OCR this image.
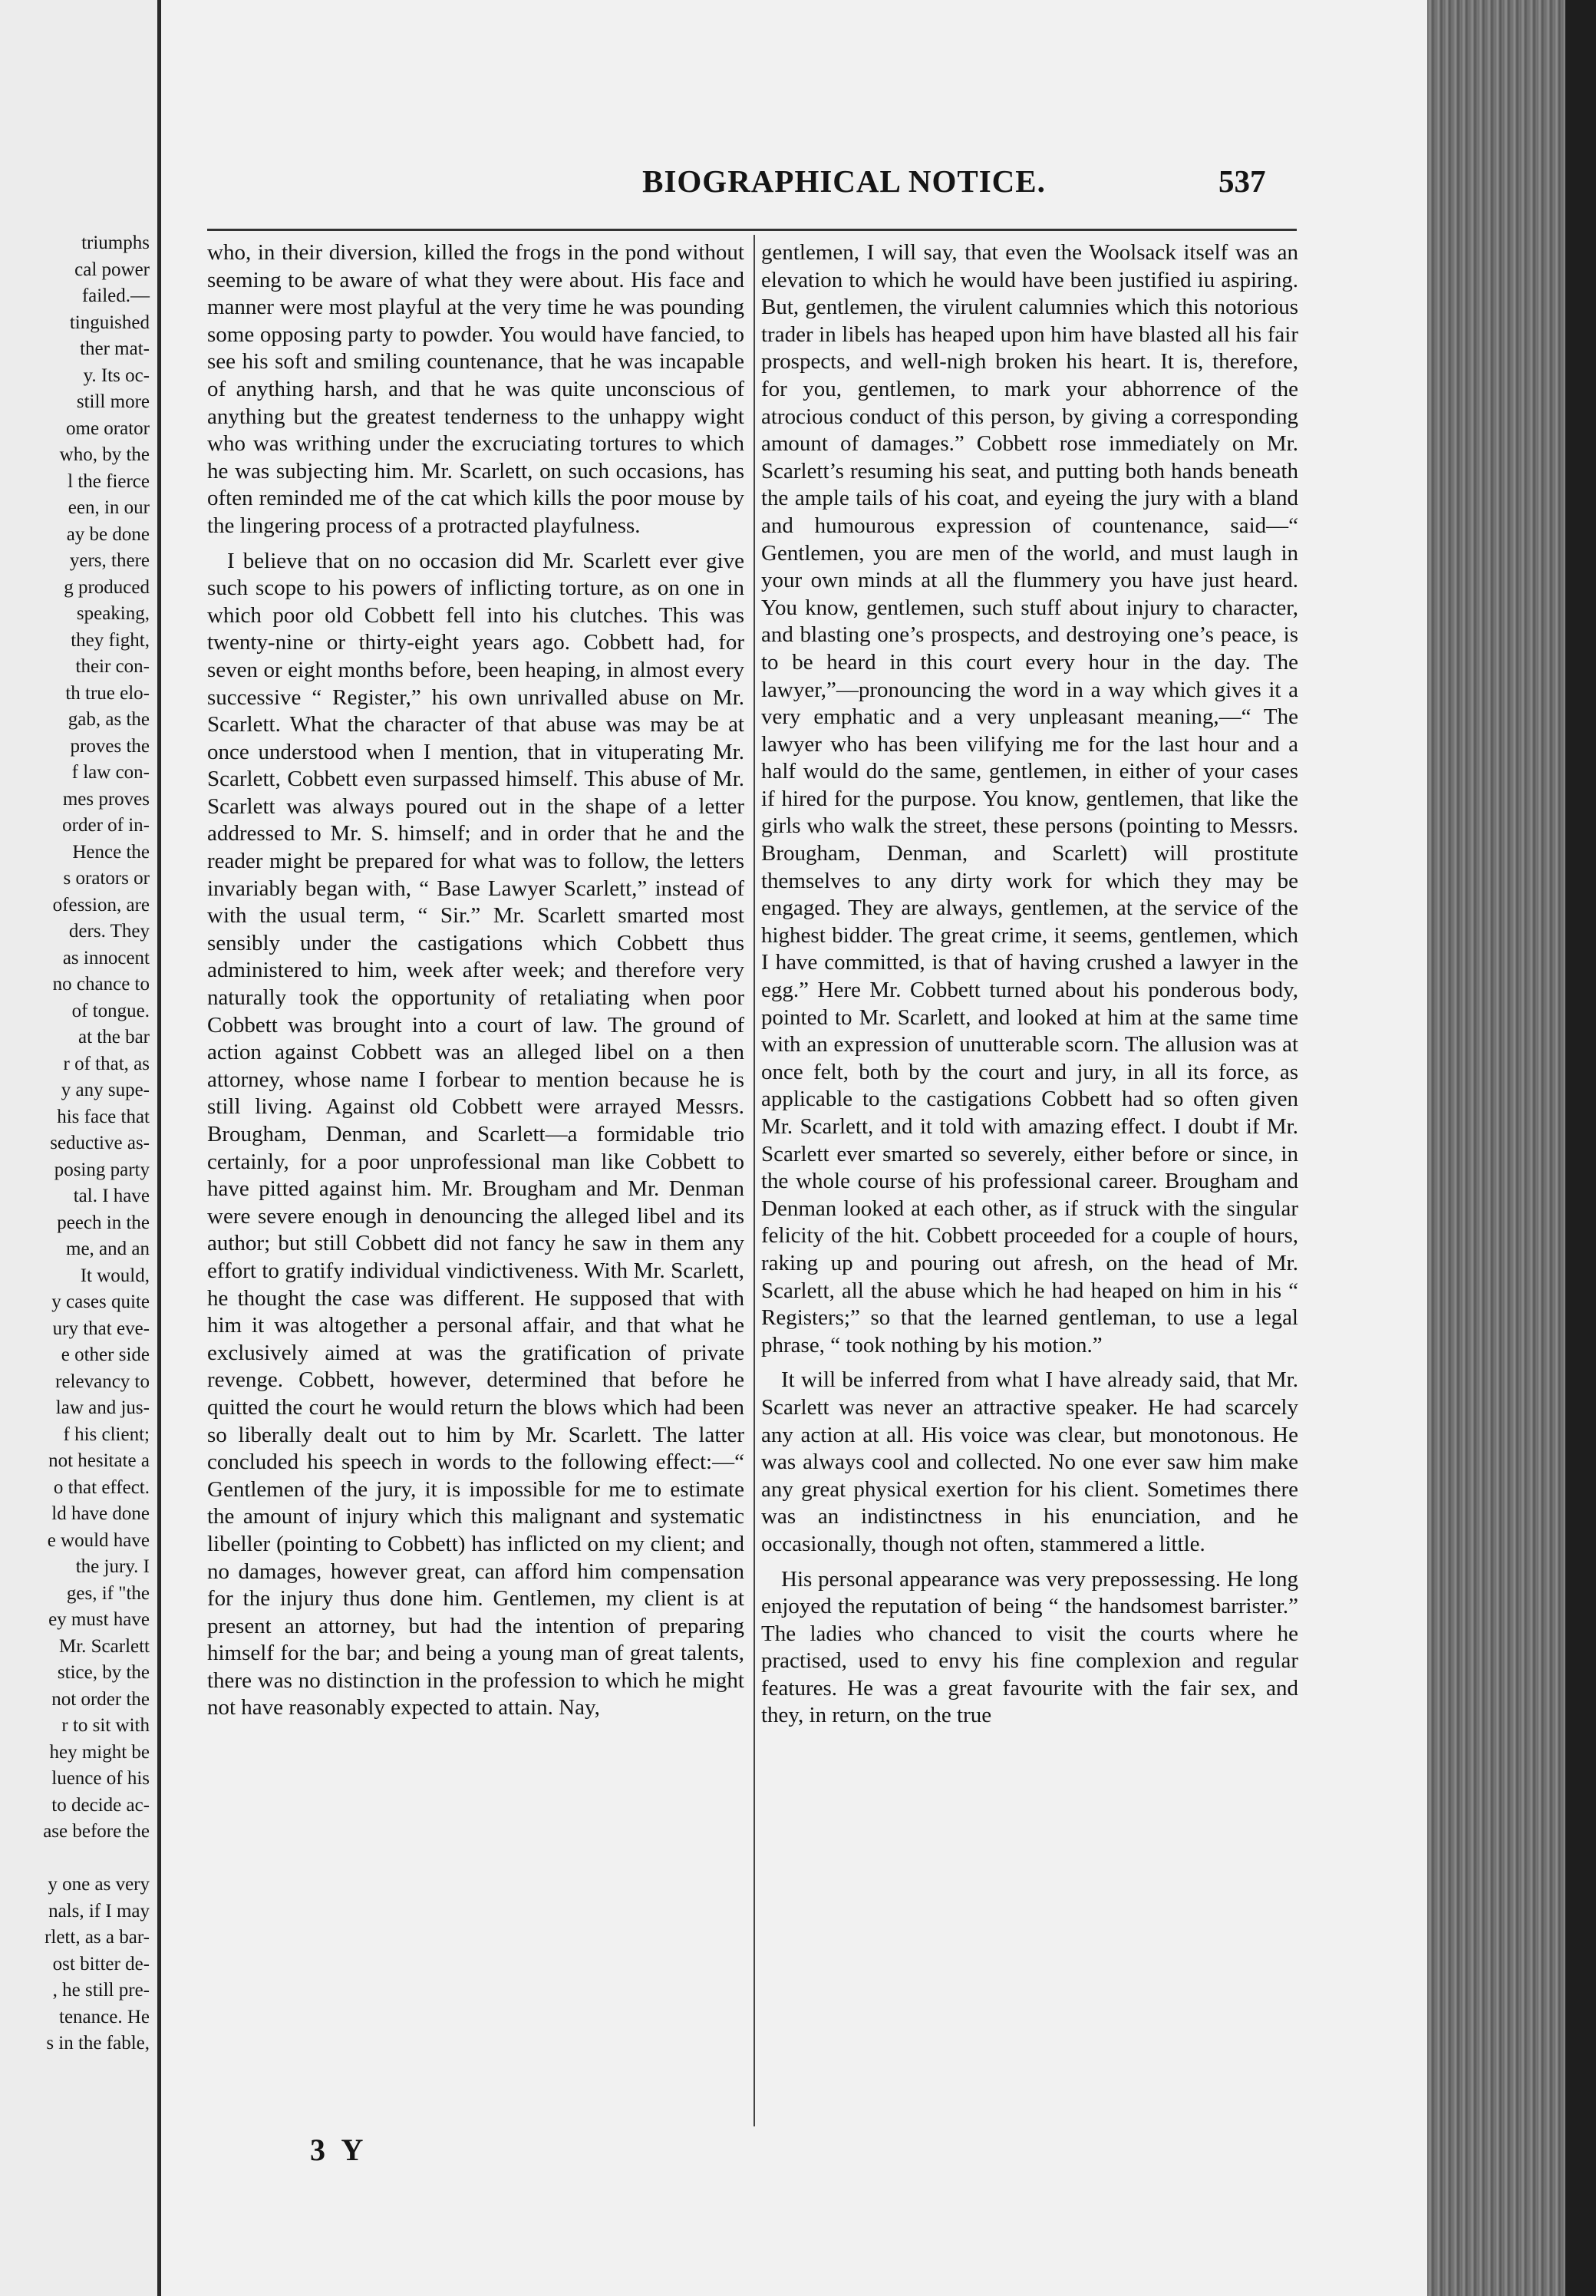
triumphs
cal power
failed.—
tinguished
ther mat-
y. Its oc-
still more
ome orator
who, by the
l the fierce
een, in our
ay be done
yers, there
g produced
speaking,
they fight,
their con-
th true elo-
gab, as the
proves the
f law con-
mes proves
order of in-
Hence the
s orators or
ofession, are
ders. They
as innocent
no chance to
of tongue.
at the bar
r of that, as
y any supe-
his face that
seductive as-
posing party
tal. I have
peech in the
me, and an
It would,
y cases quite
ury that eve-
e other side
relevancy to
law and jus-
f his client;
not hesitate a
o that effect.
ld have done
e would have
the jury. I
ges, if "the
ey must have
Mr. Scarlett
stice, by the
not order the
r to sit with
hey might be
luence of his
to decide ac-
ase before the
y one as very
nals, if I may
rlett, as a bar-
ost bitter de-
, he still pre-
tenance. He
s in the fable,
BIOGRAPHICAL NOTICE.	537

who, in their diversion, killed the frogs in the pond without seeming to be aware of what they were about. His face and manner were most playful at the very time he was pounding some opposing party to powder. You would have fancied, to see his soft and smiling countenance, that he was incapable of anything harsh, and that he was quite unconscious of anything but the greatest tenderness to the unhappy wight who was writhing under the excruciating tortures to which he was subjecting him. Mr. Scarlett, on such occasions, has often reminded me of the cat which kills the poor mouse by the lingering process of a protracted playfulness.

I believe that on no occasion did Mr. Scarlett ever give such scope to his powers of inflicting torture, as on one in which poor old Cobbett fell into his clutches. This was twenty-nine or thirty-eight years ago. Cobbett had, for seven or eight months before, been heaping, in almost every successive “ Register,” his own unrivalled abuse on Mr. Scarlett. What the character of that abuse was may be at once understood when I mention, that in vituperating Mr. Scarlett, Cobbett even surpassed himself. This abuse of Mr. Scarlett was always poured out in the shape of a letter addressed to Mr. S. himself; and in order that he and the reader might be prepared for what was to follow, the letters invariably began with, “ Base Lawyer Scarlett,” instead of with the usual term, “ Sir.” Mr. Scarlett smarted most sensibly under the castigations which Cobbett thus administered to him, week after week; and therefore very naturally took the opportunity of retaliating when poor Cobbett was brought into a court of law. The ground of action against Cobbett was an alleged libel on a then attorney, whose name I forbear to mention because he is still living. Against old Cobbett were arrayed Messrs. Brougham, Denman, and Scarlett—a formidable trio certainly, for a poor unprofessional man like Cobbett to have pitted against him. Mr. Brougham and Mr. Denman were severe enough in denouncing the alleged libel and its author; but still Cobbett did not fancy he saw in them any effort to gratify individual vindictiveness. With Mr. Scarlett, he thought the case was different. He supposed that with him it was altogether a personal affair, and that what he exclusively aimed at was the gratification of private revenge. Cobbett, however, determined that before he quitted the court he would return the blows which had been so liberally dealt out to him by Mr. Scarlett. The latter concluded his speech in words to the following effect:—“ Gentlemen of the jury, it is impossible for me to estimate the amount of injury which this malignant and systematic libeller (pointing to Cobbett) has inflicted on my client; and no damages, however great, can afford him compensation for the injury thus done him. Gentlemen, my client is at present an attorney, but had the intention of preparing himself for the bar; and being a young man of great talents, there was no distinction in the profession to which he might not have reasonably expected to attain. Nay,

gentlemen, I will say, that even the Woolsack itself was an elevation to which he would have been justified iu aspiring. But, gentlemen, the virulent calumnies which this notorious trader in libels has heaped upon him have blasted all his fair prospects, and well-nigh broken his heart. It is, therefore, for you, gentlemen, to mark your abhorrence of the atrocious conduct of this person, by giving a corresponding amount of damages.” Cobbett rose immediately on Mr. Scarlett’s resuming his seat, and putting both hands beneath the ample tails of his coat, and eyeing the jury with a bland and humourous expression of countenance, said—“ Gentlemen, you are men of the world, and must laugh in your own minds at all the flummery you have just heard. You know, gentlemen, such stuff about injury to character, and blasting one’s prospects, and destroying one’s peace, is to be heard in this court every hour in the day. The lawyer,”—pronouncing the word in a way which gives it a very emphatic and a very unpleasant meaning,—“ The lawyer who has been vilifying me for the last hour and a half would do the same, gentlemen, in either of your cases if hired for the purpose. You know, gentlemen, that like the girls who walk the street, these persons (pointing to Messrs. Brougham, Denman, and Scarlett) will prostitute themselves to any dirty work for which they may be engaged. They are always, gentlemen, at the service of the highest bidder. The great crime, it seems, gentlemen, which I have committed, is that of having crushed a lawyer in the egg.” Here Mr. Cobbett turned about his ponderous body, pointed to Mr. Scarlett, and looked at him at the same time with an expression of unutterable scorn. The allusion was at once felt, both by the court and jury, in all its force, as applicable to the castigations Cobbett had so often given Mr. Scarlett, and it told with amazing effect. I doubt if Mr. Scarlett ever smarted so severely, either before or since, in the whole course of his professional career. Brougham and Denman looked at each other, as if struck with the singular felicity of the hit. Cobbett proceeded for a couple of hours, raking up and pouring out afresh, on the head of Mr. Scarlett, all the abuse which he had heaped on him in his “ Registers;” so that the learned gentleman, to use a legal phrase, “ took nothing by his motion.”

It will be inferred from what I have already said, that Mr. Scarlett was never an attractive speaker. He had scarcely any action at all. His voice was clear, but monotonous. He was always cool and collected. No one ever saw him make any great physical exertion for his client. Sometimes there was an indistinctness in his enunciation, and he occasionally, though not often, stammered a little.

His personal appearance was very prepossessing. He long enjoyed the reputation of being “ the handsomest barrister.” The ladies who chanced to visit the courts where he practised, used to envy his fine complexion and regular features. He was a great favourite with the fair sex, and they, in return, on the true

3 Y
